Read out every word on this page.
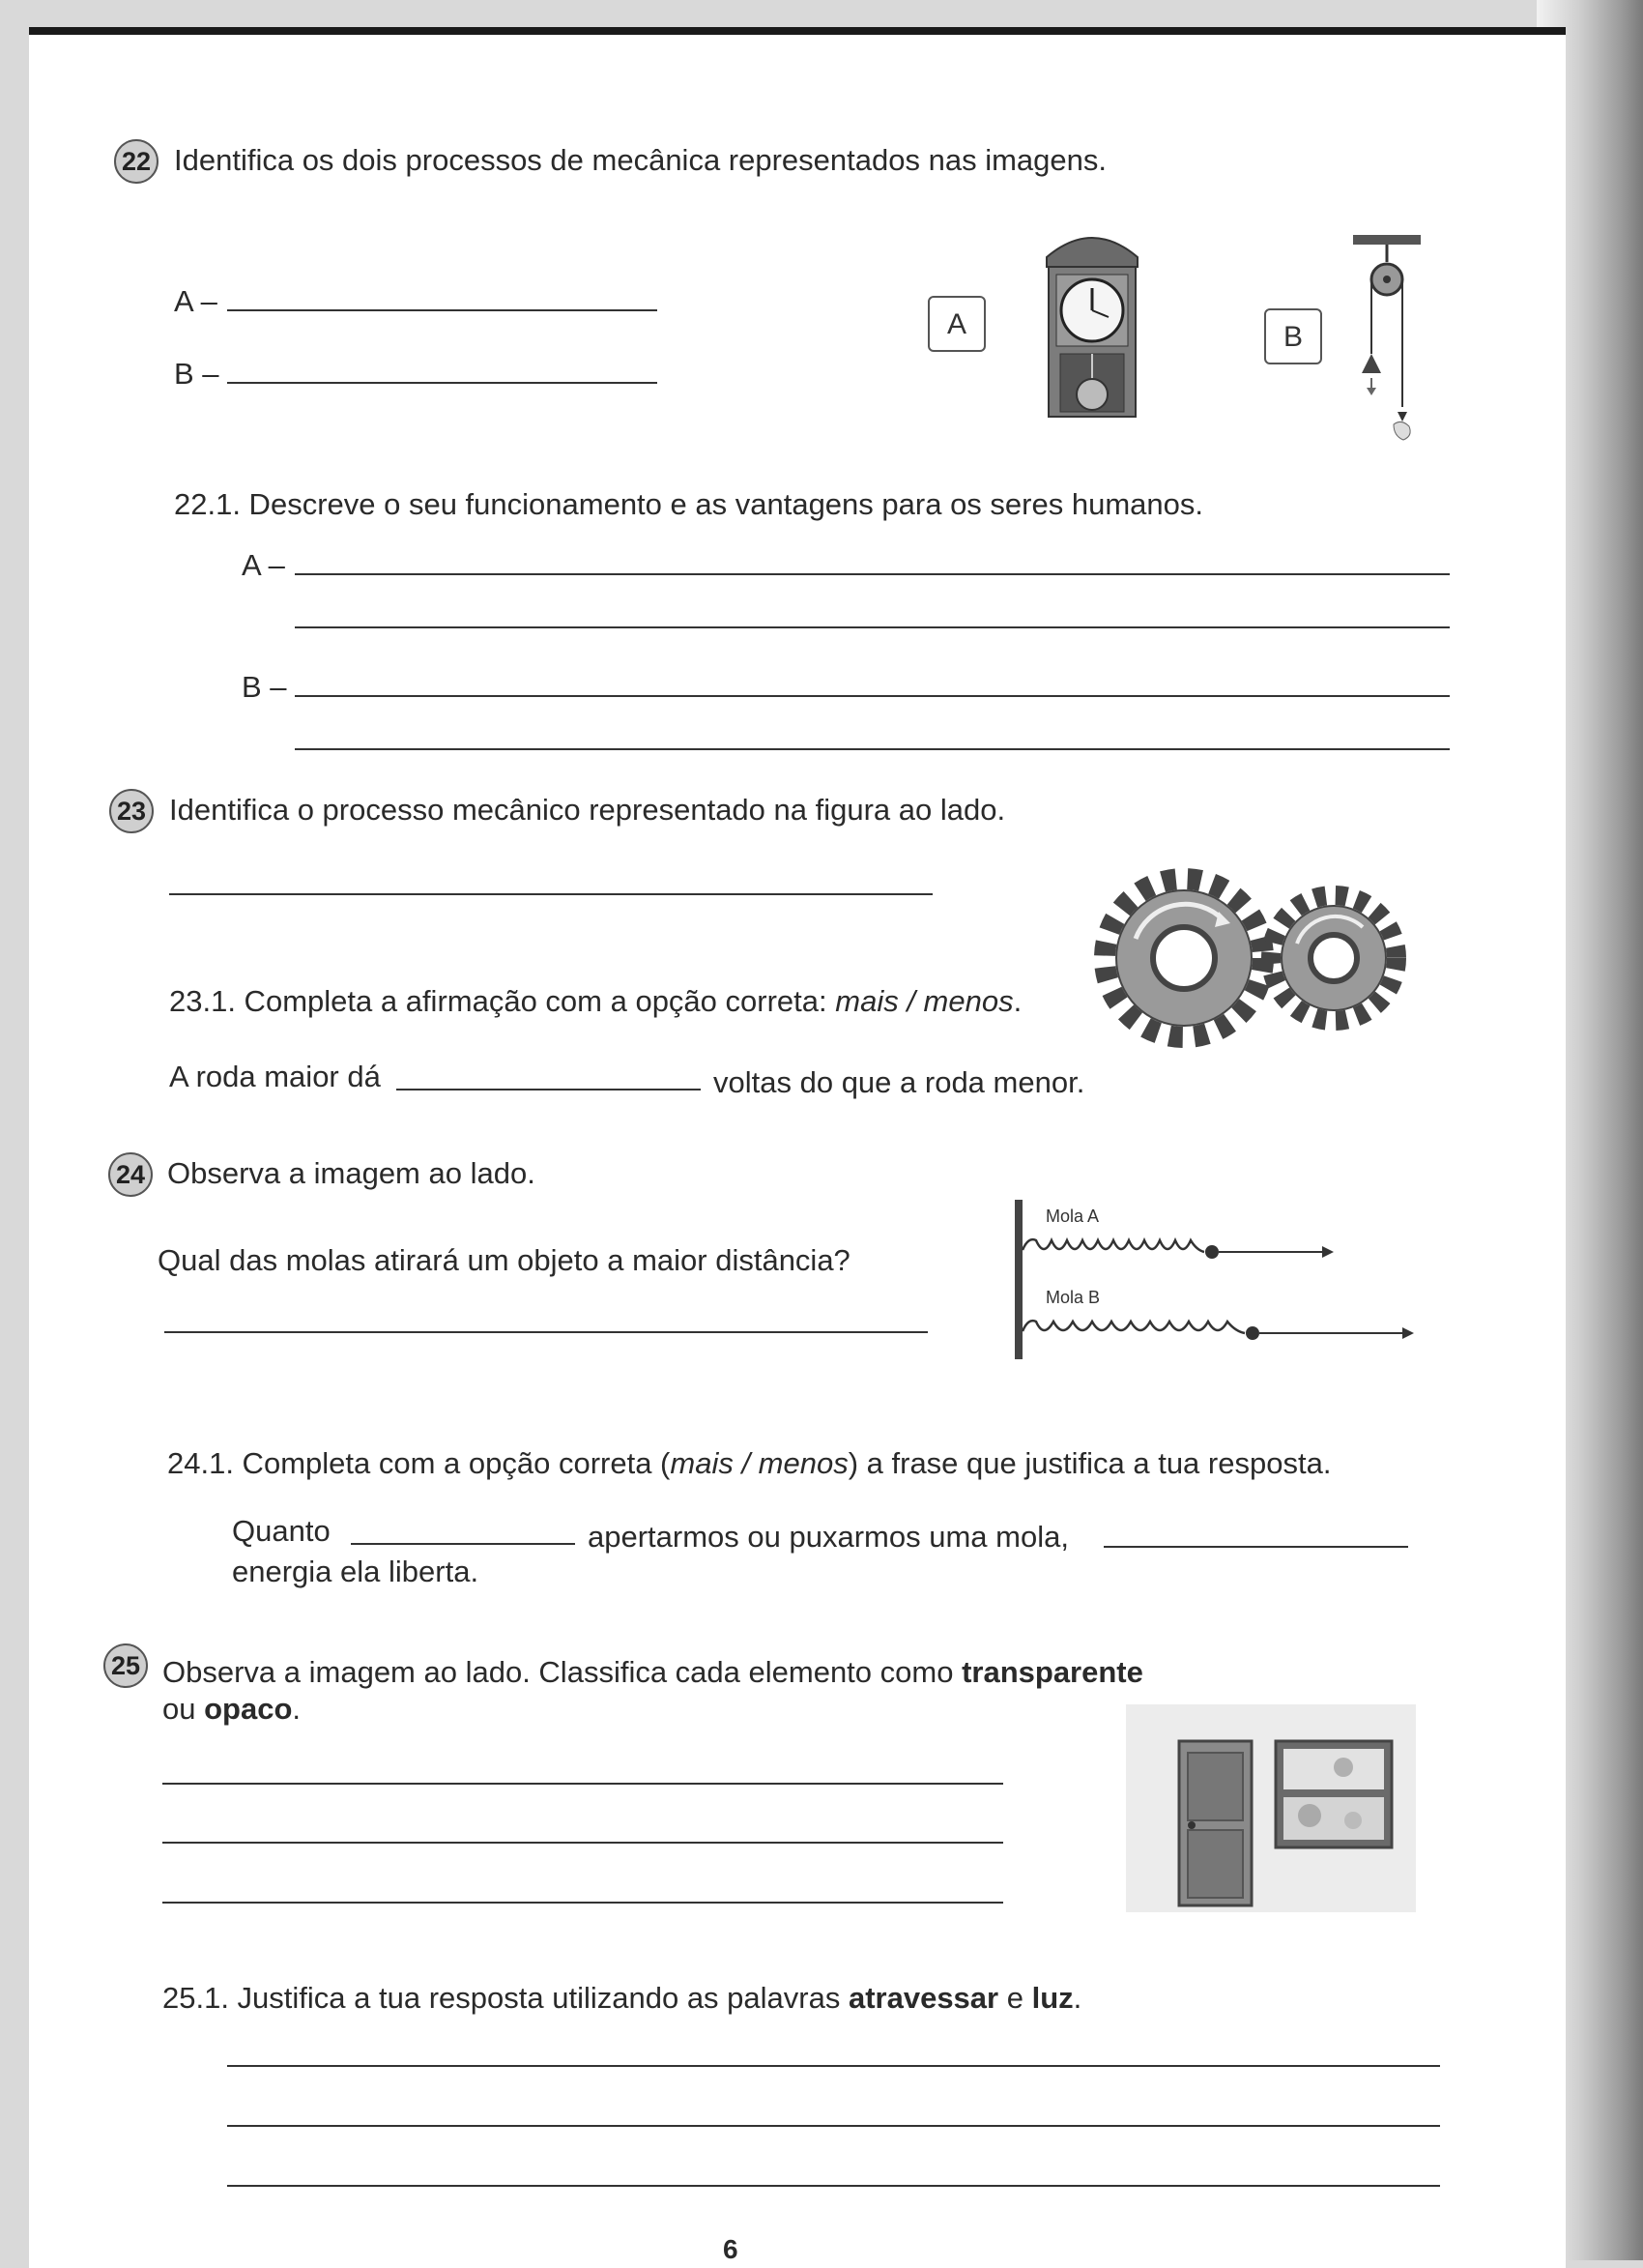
22 Identifica os dois processos de mecânica representados nas imagens.
A –
B –
A	B
22.1. Descreve o seu funcionamento e as vantagens para os seres humanos.
A –
B –
23 Identifica o processo mecânico representado na figura ao lado.
23.1. Completa a afirmação com a opção correta: mais / menos.
A roda maior dá	voltas do que a roda menor.
24 Observa a imagem ao lado.
Qual das molas atirará um objeto a maior distância?
Mola A
Mola B
24.1. Completa com a opção correta (mais / menos) a frase que justifica a tua resposta.
Quanto	apertarmos ou puxarmos uma mola,
energia ela liberta.
25 Observa a imagem ao lado. Classifica cada elemento como transparente
ou opaco.
25.1. Justifica a tua resposta utilizando as palavras atravessar e luz.
6
